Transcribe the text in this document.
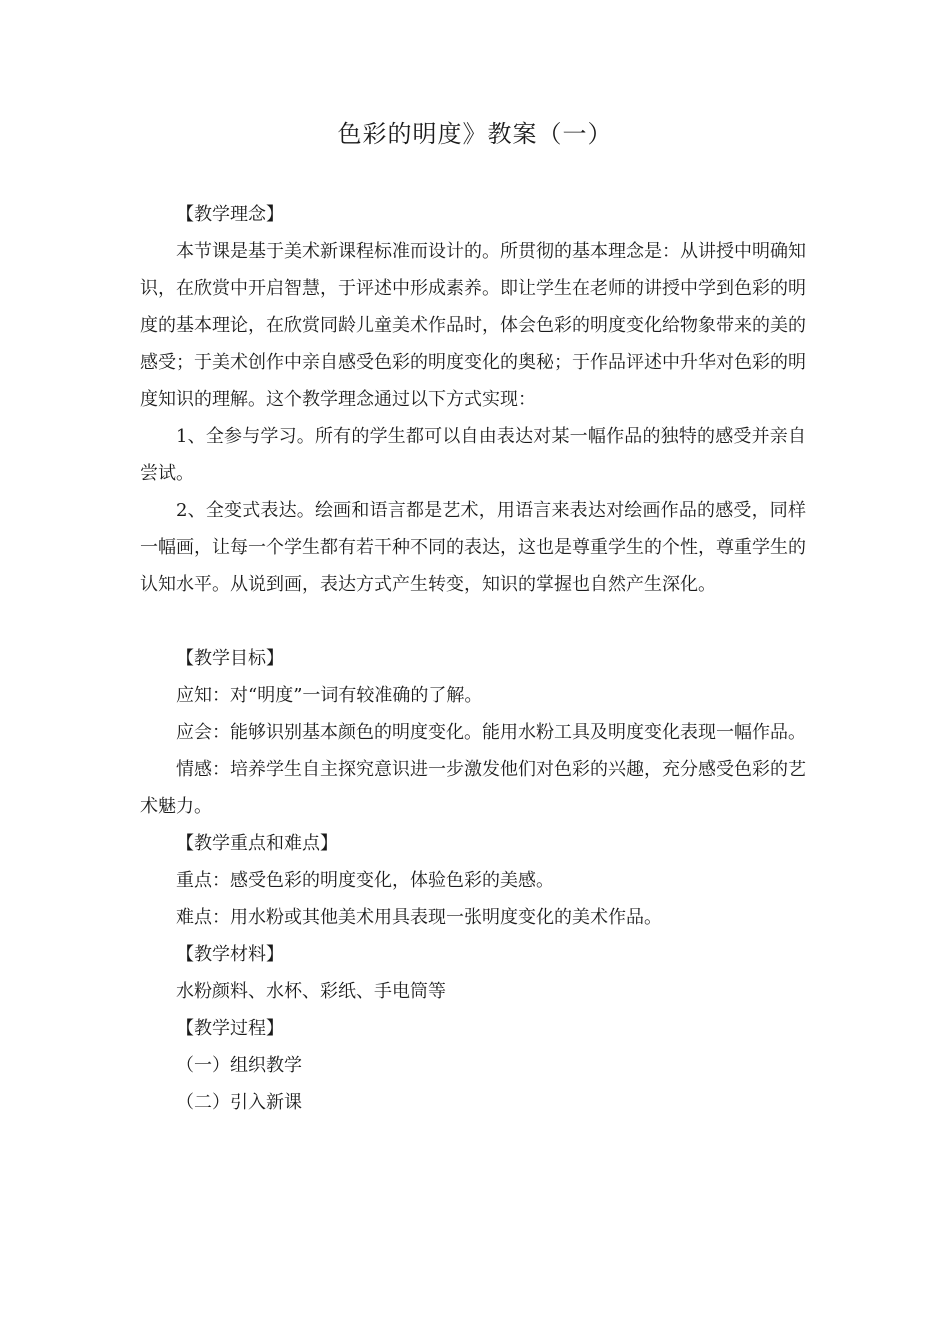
色彩的明度》教案（一）

【教学理念】

本节课是基于美术新课程标准而设计的。所贯彻的基本理念是：从讲授中明确知识，在欣赏中开启智慧，于评述中形成素养。即让学生在老师的讲授中学到色彩的明度的基本理论，在欣赏同龄儿童美术作品时，体会色彩的明度变化给物象带来的美的感受；于美术创作中亲自感受色彩的明度变化的奥秘；于作品评述中升华对色彩的明度知识的理解。这个教学理念通过以下方式实现：

1、全参与学习。所有的学生都可以自由表达对某一幅作品的独特的感受并亲自尝试。

2、全变式表达。绘画和语言都是艺术，用语言来表达对绘画作品的感受，同样一幅画，让每一个学生都有若干种不同的表达，这也是尊重学生的个性，尊重学生的认知水平。从说到画，表达方式产生转变，知识的掌握也自然产生深化。

【教学目标】

应知：对“明度”一词有较准确的了解。

应会：能够识别基本颜色的明度变化。能用水粉工具及明度变化表现一幅作品。

情感：培养学生自主探究意识进一步激发他们对色彩的兴趣，充分感受色彩的艺术魅力。

【教学重点和难点】

重点：感受色彩的明度变化，体验色彩的美感。

难点：用水粉或其他美术用具表现一张明度变化的美术作品。

【教学材料】

水粉颜料、水杯、彩纸、手电筒等

【教学过程】

（一）组织教学

（二）引入新课
